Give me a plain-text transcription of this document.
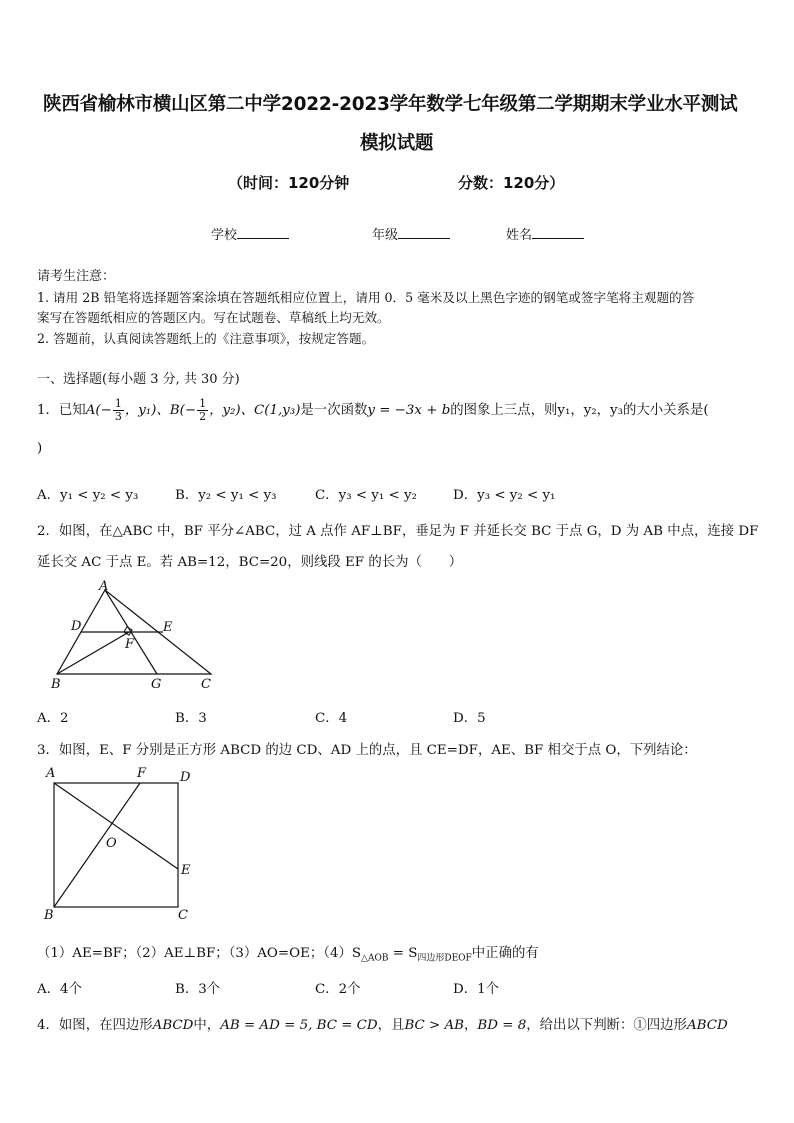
陕西省榆林市横山区第二中学2022-2023学年数学七年级第二学期期末学业水平测试
模拟试题
（时间：120分钟	分数：120分）
学校	年级	姓名
请考生注意：
1. 请用 2B 铅笔将选择题答案涂填在答题纸相应位置上，请用 0．5 毫米及以上黑色字迹的钢笔或签字笔将主观题的答
案写在答题纸相应的答题区内。写在试题卷、草稿纸上均无效。
2. 答题前，认真阅读答题纸上的《注意事项》，按规定答题。
一、选择题(每小题 3 分, 共 30 分)
1．已知$A(- \frac{1}{3}$ ，y₁)、$B(- \frac{1}{2}$ ，y₂)、C(1,y₃)是一次函数y = −3x + b的图象上三点，则y₁，y₂，y₃的大小关系是(
)
A．y₁ < y₂ < y₃	B．y₂ < y₁ < y₃	C．y₃ < y₁ < y₂	D．y₃ < y₂ < y₁
2．如图，在△ABC 中，BF 平分∠ABC，过 A 点作 AF⊥BF，垂足为 F 并延长交 BC 于点 G，D 为 AB 中点，连接 DF
延长交 AC 于点 E。若 AB=12，BC=20，则线段 EF 的长为（　　）
A
D	E
F
B	G	C
A．2	B．3	C．4	D．5
3．如图，E、F 分别是正方形 ABCD 的边 CD、AD 上的点，且 CE=DF，AE、BF 相交于点 O，下列结论：
A	F	D
O
E
B	C
（1）AE=BF；（2）AE⊥BF；（3）AO=OE；$(4)S_{\triangle AOB} = S_{四边形DEOF}$中正确的有
A．4个	B．3个	C．2个	D．1个
4．如图，在四边形ABCD中，AB = AD = 5, BC = CD，且BC > AB，BD = 8，给出以下判断：①四边形ABCD
